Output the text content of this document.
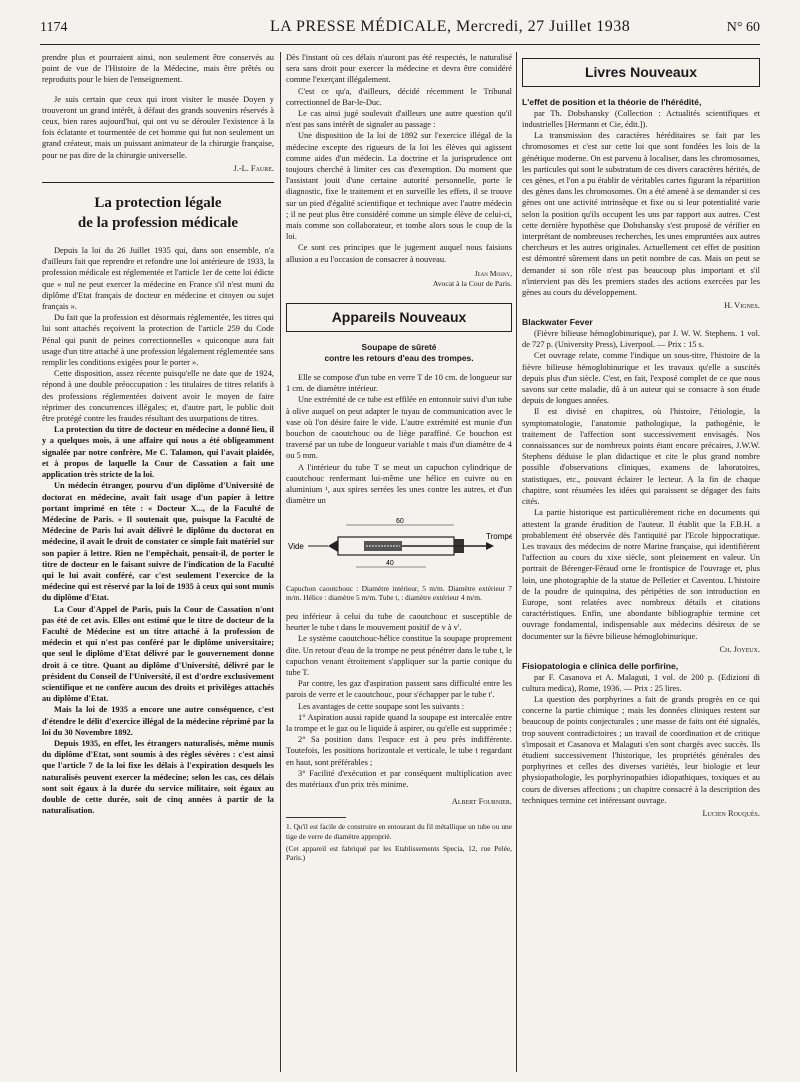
1174	LA PRESSE MÉDICALE, Mercredi, 27 Juillet 1938	N° 60

prendre plus et pourraient ainsi, non seulement être conservés au point de vue de l'Histoire de la Médecine, mais être prêtés ou reproduits pour le bien de l'enseignement.

Je suis certain que ceux qui iront visiter le musée Doyen y trouveront un grand intérêt, à défaut des grands souvenirs réservés à ceux, bien rares aujourd'hui, qui ont vu se dérouler l'existence à la fois éclatante et tourmentée de cet homme qui fut non seulement un grand créateur, mais un puissant animateur de la chirurgie française, pour ne pas dire de la chirurgie universelle.

J.-L. Faure.
La protection légale
de la profession médicale

Depuis la loi du 26 Juillet 1935 qui, dans son ensemble, n'a d'ailleurs fait que reprendre et refondre une loi antérieure de 1933, la profession médicale est réglementée et l'article 1er de cette loi édicte que « nul ne peut exercer la médecine en France s'il n'est muni du diplôme d'Etat français de docteur en médecine et citoyen ou sujet français ».

Du fait que la profession est désormais réglementée, les titres qui lui sont attachés reçoivent la protection de l'article 259 du Code Pénal qui punit de peines correctionnelles « quiconque aura fait usage d'un titre attaché à une profession légalement réglementée sans remplir les conditions exigées pour le porter ».

Cette disposition, assez récente puisqu'elle ne date que de 1924, répond à une double préoccupation : les titulaires de titres relatifs à des professions réglementées doivent avoir le moyen de faire réprimer des concurrences illégales; et, d'autre part, le public doit être protégé contre les fraudes résultant des usurpations de titres.

La protection du titre de docteur en médecine a donné lieu, il y a quelques mois, à une affaire qui nous a été obligeamment signalée par notre confrère, Me C. Talamon, qui l'avait plaidée, et à propos de laquelle la Cour de Cassation a fait une application très stricte de la loi.

Un médecin étranger, pourvu d'un diplôme d'Université de doctorat en médecine, avait fait usage d'un papier à lettre portant imprimé en tête : « Docteur X..., de la Faculté de Médecine de Paris. » Il soutenait que, puisque la Faculté de Médecine de Paris lui avait délivré le diplôme du doctorat en médecine, il avait le droit de constater ce simple fait matériel sur son papier à lettre. Rien ne l'empêchait, pensait-il, de porter le titre de docteur en le faisant suivre de l'indication de la Faculté qui le lui avait conféré, car c'est seulement l'exercice de la médecine qui est réservé par la loi de 1935 à ceux qui sont munis du diplôme d'Etat.

La Cour d'Appel de Paris, puis la Cour de Cassation n'ont pas été de cet avis. Elles ont estimé que le titre de docteur de la Faculté de Médecine est un titre attaché à la profession de médecin et qui n'est pas conféré par le diplôme universitaire; que seul le diplôme d'Etat délivré par le gouvernement donne droit à ce titre. Quant au diplôme d'Université, délivré par le président du Conseil de l'Université, il est d'ordre exclusivement scientifique et ne confère aucun des droits et privilèges attachés au diplôme d'Etat.

Mais la loi de 1935 a encore une autre conséquence, c'est d'étendre le délit d'exercice illégal de la médecine réprimé par la loi du 30 Novembre 1892.

Depuis 1935, en effet, les étrangers naturalisés, même munis du diplôme d'Etat, sont soumis à des règles sévères : c'est ainsi que l'article 7 de la loi fixe les délais à l'expiration desquels les naturalisés peuvent exercer la médecine; selon les cas, ces délais sont soit égaux à la durée du service militaire, soit égaux au double de cette durée, soit de cinq années à partir de la naturalisation.

Dès l'instant où ces délais n'auront pas été respectés, le naturalisé sera sans droit pour exercer la médecine et devra être considéré comme l'exerçant illégalement.

C'est ce qu'a, d'ailleurs, décidé récemment le Tribunal correctionnel de Bar-le-Duc.

Le cas ainsi jugé soulevait d'ailleurs une autre question qu'il n'est pas sans intérêt de signaler au passage :

Une disposition de la loi de 1892 sur l'exercice illégal de la médecine excepte des rigueurs de la loi les élèves qui agissent comme aides d'un médecin. La doctrine et la jurisprudence ont toujours cherché à limiter ces cas d'exemption. Du moment que l'assistant jouit d'une certaine autorité personnelle, porte le diagnostic, fixe le traitement et en surveille les effets, il se trouve sur un pied d'égalité scientifique et technique avec l'autre médecin ; il ne peut plus être considéré comme un simple élève de celui-ci, mais comme son collaborateur, et tombe alors sous le coup de la loi.

Ce sont ces principes que le jugement auquel nous faisions allusion a eu l'occasion de consacrer à nouveau.

Jean Mosny,
Avocat à la Cour de Paris.
Appareils Nouveaux
Soupape de sûreté
contre les retours d'eau des trompes.

Elle se compose d'un tube en verre T de 10 cm. de longueur sur 1 cm. de diamètre intérieur.

Une extrémité de ce tube est effilée en entonnoir suivi d'un tube à olive auquel on peut adapter le tuyau de communication avec le vase où l'on désire faire le vide. L'autre extrémité est munie d'un bouchon de caoutchouc ou de liège paraffiné. Ce bouchon est traversé par un tube de longueur variable t mais d'un diamètre de 4 ou 5 mm.

A l'intérieur du tube T se meut un capuchon cylindrique de caoutchouc renfermant lui-même une hélice en cuivre ou en aluminium ¹, aux spires serrées les unes contre les autres, et d'un diamètre un

Vide
Trompe
60
40
Capuchon caoutchouc : Diamètre intérieur, 5 m/m. Diamètre extérieur 7 m/m. Hélice : diamètre 5 m/m. Tube t, : diamètre extérieur 4 m/m.

peu inférieur à celui du tube de caoutchouc et susceptible de heurter le tube t dans le mouvement positif de v à v'.

Le système caoutchouc-hélice constitue la soupape proprement dite. Un retour d'eau de la trompe ne peut pénétrer dans le tube t, le capuchon venant étroitement s'appliquer sur la partie conique du tube T.

Par contre, les gaz d'aspiration passent sans difficulté entre les parois de verre et le caoutchouc, pour s'échapper par le tube t'.

Les avantages de cette soupape sont les suivants :

1° Aspiration aussi rapide quand la soupape est intercalée entre la trompe et le gaz ou le liquide à aspirer, ou qu'elle est supprimée ;

2° Sa position dans l'espace est à peu près indifférente. Toutefois, les positions horizontale et verticale, le tube t regardant en haut, sont préférables ;

3° Facilité d'exécution et par conséquent multiplication avec des matériaux d'un prix très minime.

Albert Fournier.
1. Qu'il est facile de construire en entourant du fil métallique un tube ou une tige de verre de diamètre approprié.
(Cet appareil est fabriqué par les Etablissements Specia, 12, rue Pelée, Paris.)
Livres Nouveaux
L'effet de position et la théorie de l'hérédité,

par Th. Dobshansky (Collection : Actualités scientifiques et industrielles [Hermann et Cie, édit.]).

La transmission des caractères héréditaires se fait par les chromosomes et c'est sur cette loi que sont fondées les lois de la génétique moderne. On est parvenu à localiser, dans les chromosomes, les particules qui sont le substratum de ces divers caractères hérités, de ces gènes, et l'on a pu établir de véritables cartes figurant la répartition des gènes dans les chromosomes. On a été amené à se demander si ces gènes ont une activité intrinsèque et fixe ou si leur potentialité varie selon la position qu'ils occupent les uns par rapport aux autres. C'est cette dernière hypothèse que Dobshansky s'est proposé de vérifier en interprétant de nombreuses recherches, les unes empruntées aux autres chercheurs et les autres originales. Actuellement cet effet de position est démontré sûrement dans un petit nombre de cas. Mais on peut se demander si son rôle n'est pas beaucoup plus important et s'il n'intervient pas dès les premiers stades des actions exercées par les gènes au cours du développement.

H. Vignes.
Blackwater Fever

(Fièvre bilieuse hémoglobinurique), par J. W. W. Stephens. 1 vol. de 727 p. (University Press), Liverpool. — Prix : 15 s.

Cet ouvrage relate, comme l'indique un sous-titre, l'histoire de la fièvre bilieuse hémoglobinurique et les travaux qu'elle a suscités depuis plus d'un siècle. C'est, en fait, l'exposé complet de ce que nous savons sur cette maladie, dû à un auteur qui se consacre à son étude depuis de longues années.

Il est divisé en chapitres, où l'histoire, l'étiologie, la symptomatologie, l'anatomie pathologique, la pathogénie, le traitement de l'affection sont successivement envisagés. Nos connaissances sur de nombreux points étant encore précaires, J.W.W. Stephens déduise le plan didactique et cite le plus grand nombre possible d'observations cliniques, examens de laboratoires, statistiques, etc., pouvant éclairer le lecteur. A la fin de chaque chapitre, sont résumées les idées qui paraissent se dégager des faits cités.

La partie historique est particulièrement riche en documents qui attestent la grande érudition de l'auteur. Il établit que la F.B.H. a probablement été observée dès l'antiquité par l'Ecole hippocratique. Les travaux des médecins de notre Marine française, qui identifièrent l'affection au cours du xixe siècle, sont pleinement en valeur. Un portrait de Bérenger-Féraud orne le frontispice de l'ouvrage et, plus loin, une photographie de la statue de Pelletier et Caventou. L'histoire de la poudre de quinquina, des péripéties de son introduction en Europe, sont relatées avec nombreux détails et citations caractéristiques. Enfin, une abondante bibliographie termine cet ouvrage fondamental, indispensable aux médecins désireux de se documenter sur la fièvre bilieuse hémoglobinurique.

Ch. Joyeux.
Fisiopatologia e clinica delle porfirine,

par F. Casanova et A. Malaguti, 1 vol. de 200 p. (Edizioni di cultura medica), Rome, 1936. — Prix : 25 lires.

La question des porphyrines a fait de grands progrès en ce qui concerne la partie chimique ; mais les données cliniques restent sur beaucoup de points conjecturales ; une masse de faits ont été signalés, trop souvent contradictoires ; un travail de coordination et de critique s'imposait et Casanova et Malaguti s'en sont chargés avec succès. Ils étudient successivement l'historique, les propriétés générales des porphyrines et celles des diverses variétés, leur biologie et leur physiopathologie, les porphyrinopathies idiopathiques, toxiques et au cours de diverses affections ; un chapitre consacré à la description des techniques termine cet intéressant ouvrage.

Lucien Rouquès.
